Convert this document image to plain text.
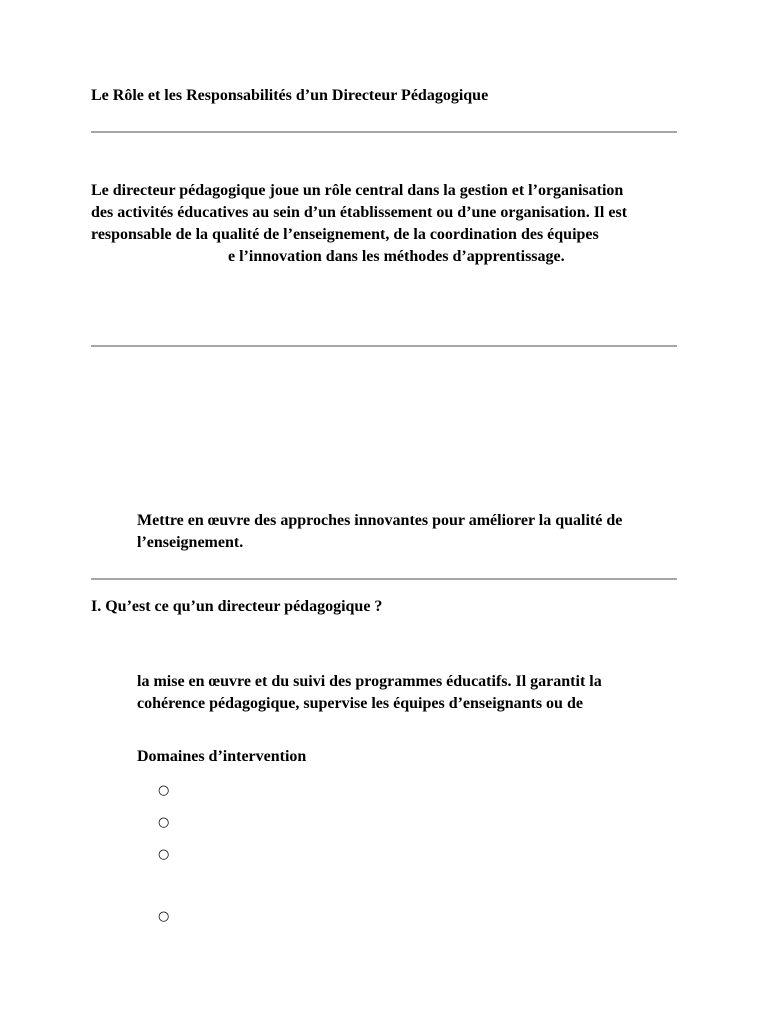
Le Rôle et les Responsabilités d’un Directeur Pédagogique

Le directeur pédagogique joue un rôle central dans la gestion et l’organisation
des activités éducatives au sein d’un établissement ou d’une organisation. Il est
responsable de la qualité de l’enseignement, de la coordination des équipes
e l’innovation dans les méthodes d’apprentissage.

Mettre en œuvre des approches innovantes pour améliorer la qualité de
l’enseignement.

I. Qu’est ce qu’un directeur pédagogique ?

la mise en œuvre et du suivi des programmes éducatifs. Il garantit la
cohérence pédagogique, supervise les équipes d’enseignants ou de

Domaines d’intervention
○
○
○
○
